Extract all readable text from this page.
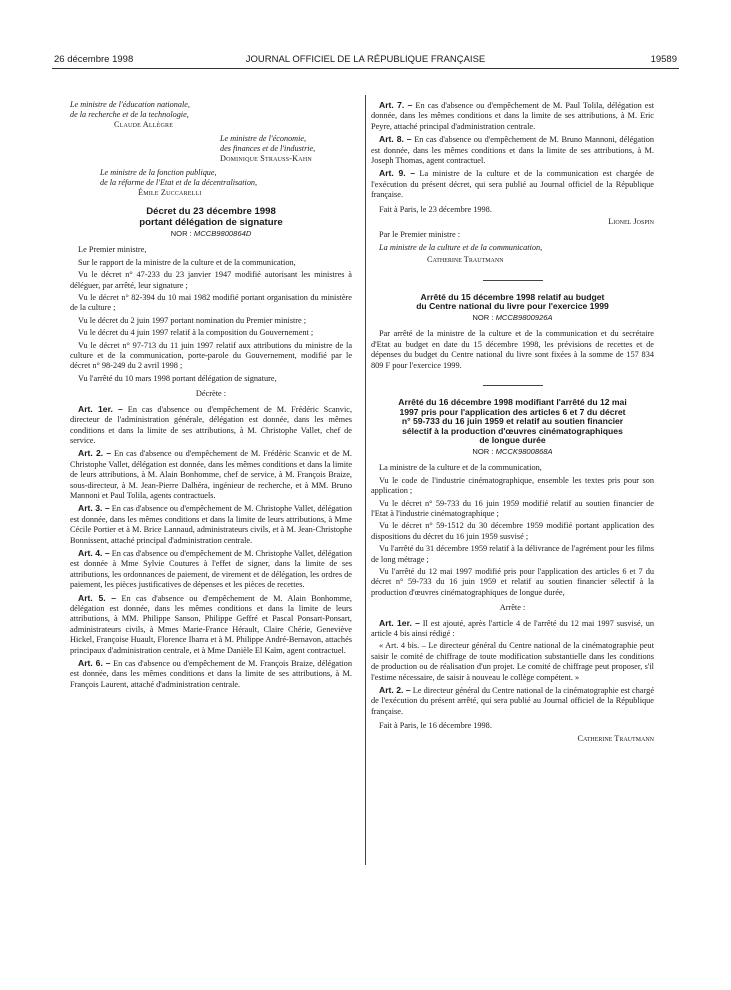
26 décembre 1998	JOURNAL OFFICIEL DE LA RÉPUBLIQUE FRANÇAISE	19589
Le ministre de l'éducation nationale,
de la recherche et de la technologie,
Claude Allègre
Le ministre de l'économie,
des finances et de l'industrie,
Dominique Strauss-Kahn
Le ministre de la fonction publique,
de la réforme de l'Etat et de la décentralisation,
Émile Zuccarelli
Décret du 23 décembre 1998
portant délégation de signature
NOR : MCCB9800864D

Le Premier ministre,

Sur le rapport de la ministre de la culture et de la communication,

Vu le décret n° 47-233 du 23 janvier 1947 modifié autorisant les ministres à déléguer, par arrêté, leur signature ;

Vu le décret n° 82-394 du 10 mai 1982 modifié portant organisation du ministère de la culture ;

Vu le décret du 2 juin 1997 portant nomination du Premier ministre ;

Vu le décret du 4 juin 1997 relatif à la composition du Gouvernement ;

Vu le décret n° 97-713 du 11 juin 1997 relatif aux attributions du ministre de la culture et de la communication, porte-parole du Gouvernement, modifié par le décret n° 98-249 du 2 avril 1998 ;

Vu l'arrêté du 10 mars 1998 portant délégation de signature,

Décrète :

Art. 1er. – En cas d'absence ou d'empêchement de M. Frédéric Scanvic, directeur de l'administration générale, délégation est donnée, dans les mêmes conditions et dans la limite de ses attributions, à M. Christophe Vallet, chef de service.

Art. 2. – En cas d'absence ou d'empêchement de M. Frédéric Scanvic et de M. Christophe Vallet, délégation est donnée, dans les mêmes conditions et dans la limite de leurs attributions, à M. Alain Bonhomme, chef de service, à M. François Braize, sous-directeur, à M. Jean-Pierre Dalhéra, ingénieur de recherche, et à MM. Bruno Mannoni et Paul Tolila, agents contractuels.

Art. 3. – En cas d'absence ou d'empêchement de M. Christophe Vallet, délégation est donnée, dans les mêmes conditions et dans la limite de leurs attributions, à Mme Cécile Portier et à M. Brice Lannaud, administrateurs civils, et à M. Jean-Christophe Bonnissent, attaché principal d'administration centrale.

Art. 4. – En cas d'absence ou d'empêchement de M. Christophe Vallet, délégation est donnée à Mme Sylvie Coutures à l'effet de signer, dans la limite de ses attributions, les ordonnances de paiement, de virement et de délégation, les ordres de paiement, les pièces justificatives de dépenses et les pièces de recettes.

Art. 5. – En cas d'absence ou d'empêchement de M. Alain Bonhomme, délégation est donnée, dans les mêmes conditions et dans la limite de leurs attributions, à MM. Philippe Sanson, Philippe Geffré et Pascal Ponsart-Ponsart, administrateurs civils, à Mmes Marie-France Hérault, Claire Chérie, Geneviève Hickel, Françoise Huault, Florence Ibarra et à M. Philippe André-Bernavon, attachés principaux d'administration centrale, et à Mme Danièle El Kaïm, agent contractuel.

Art. 6. – En cas d'absence ou d'empêchement de M. François Braize, délégation est donnée, dans les mêmes conditions et dans la limite de ses attributions, à M. François Laurent, attaché d'administration centrale.

Art. 7. – En cas d'absence ou d'empêchement de M. Paul Tolila, délégation est donnée, dans les mêmes conditions et dans la limite de ses attributions, à M. Eric Peyre, attaché principal d'administration centrale.

Art. 8. – En cas d'absence ou d'empêchement de M. Bruno Mannoni, délégation est donnée, dans les mêmes conditions et dans la limite de ses attributions, à M. Joseph Thomas, agent contractuel.

Art. 9. – La ministre de la culture et de la communication est chargée de l'exécution du présent décret, qui sera publié au Journal officiel de la République française.

Fait à Paris, le 23 décembre 1998.

Lionel Jospin

Par le Premier ministre :

La ministre de la culture et de la communication,

Catherine Trautmann

Arrêté du 15 décembre 1998 relatif au budget
du Centre national du livre pour l'exercice 1999
NOR : MCCB9800926A

Par arrêté de la ministre de la culture et de la communication et du secrétaire d'Etat au budget en date du 15 décembre 1998, les prévisions de recettes et de dépenses du budget du Centre national du livre sont fixées à la somme de 157 834 809 F pour l'exercice 1999.

Arrêté du 16 décembre 1998 modifiant l'arrêté du 12 mai
1997 pris pour l'application des articles 6 et 7 du décret
n° 59-733 du 16 juin 1959 et relatif au soutien financier
sélectif à la production d'œuvres cinématographiques
de longue durée
NOR : MCCK9800868A

La ministre de la culture et de la communication,

Vu le code de l'industrie cinématographique, ensemble les textes pris pour son application ;

Vu le décret n° 59-733 du 16 juin 1959 modifié relatif au soutien financier de l'Etat à l'industrie cinématographique ;

Vu le décret n° 59-1512 du 30 décembre 1959 modifié portant application des dispositions du décret du 16 juin 1959 susvisé ;

Vu l'arrêté du 31 décembre 1959 relatif à la délivrance de l'agrément pour les films de long métrage ;

Vu l'arrêté du 12 mai 1997 modifié pris pour l'application des articles 6 et 7 du décret n° 59-733 du 16 juin 1959 et relatif au soutien financier sélectif à la production d'œuvres cinématographiques de longue durée,

Arrête :

Art. 1er. – Il est ajouté, après l'article 4 de l'arrêté du 12 mai 1997 susvisé, un article 4 bis ainsi rédigé :

« Art. 4 bis. – Le directeur général du Centre national de la cinématographie peut saisir le comité de chiffrage de toute modification substantielle dans les conditions de production ou de réalisation d'un projet. Le comité de chiffrage peut proposer, s'il l'estime nécessaire, de saisir à nouveau le collège compétent. »

Art. 2. – Le directeur général du Centre national de la cinématographie est chargé de l'exécution du présent arrêté, qui sera publié au Journal officiel de la République française.

Fait à Paris, le 16 décembre 1998.

Catherine Trautmann
